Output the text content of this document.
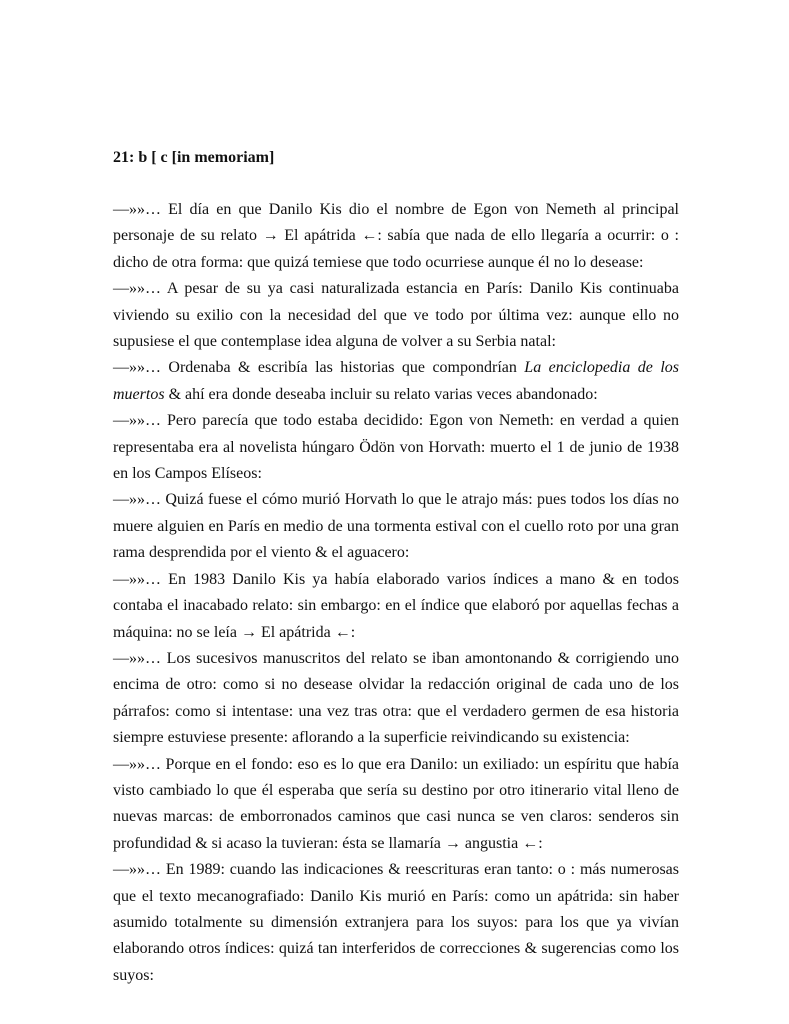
21: b [ c [in memoriam]

—»»… El día en que Danilo Kis dio el nombre de Egon von Nemeth al principal personaje de su relato → El apátrida ←: sabía que nada de ello llegaría a ocurrir: o : dicho de otra forma: que quizá temiese que todo ocurriese aunque él no lo desease:

—»»… A pesar de su ya casi naturalizada estancia en París: Danilo Kis continuaba viviendo su exilio con la necesidad del que ve todo por última vez: aunque ello no supusiese el que contemplase idea alguna de volver a su Serbia natal:

—»»… Ordenaba & escribía las historias que compondrían La enciclopedia de los muertos & ahí era donde deseaba incluir su relato varias veces abandonado:

—»»… Pero parecía que todo estaba decidido: Egon von Nemeth: en verdad a quien representaba era al novelista húngaro Ödön von Horvath: muerto el 1 de junio de 1938 en los Campos Elíseos:

—»»… Quizá fuese el cómo murió Horvath lo que le atrajo más: pues todos los días no muere alguien en París en medio de una tormenta estival con el cuello roto por una gran rama desprendida por el viento & el aguacero:

—»»… En 1983 Danilo Kis ya había elaborado varios índices a mano & en todos contaba el inacabado relato: sin embargo: en el índice que elaboró por aquellas fechas a máquina: no se leía → El apátrida ←:

—»»… Los sucesivos manuscritos del relato se iban amontonando & corrigiendo uno encima de otro: como si no desease olvidar la redacción original de cada uno de los párrafos: como si intentase: una vez tras otra: que el verdadero germen de esa historia siempre estuviese presente: aflorando a la superficie reivindicando su existencia:

—»»… Porque en el fondo: eso es lo que era Danilo: un exiliado: un espíritu que había visto cambiado lo que él esperaba que sería su destino por otro itinerario vital lleno de nuevas marcas: de emborronados caminos que casi nunca se ven claros: senderos sin profundidad & si acaso la tuvieran: ésta se llamaría → angustia ←:

—»»… En 1989: cuando las indicaciones & reescrituras eran tanto: o : más numerosas que el texto mecanografiado: Danilo Kis murió en París: como un apátrida: sin haber asumido totalmente su dimensión extranjera para los suyos: para los que ya vivían elaborando otros índices: quizá tan interferidos de correcciones & sugerencias como los suyos:
